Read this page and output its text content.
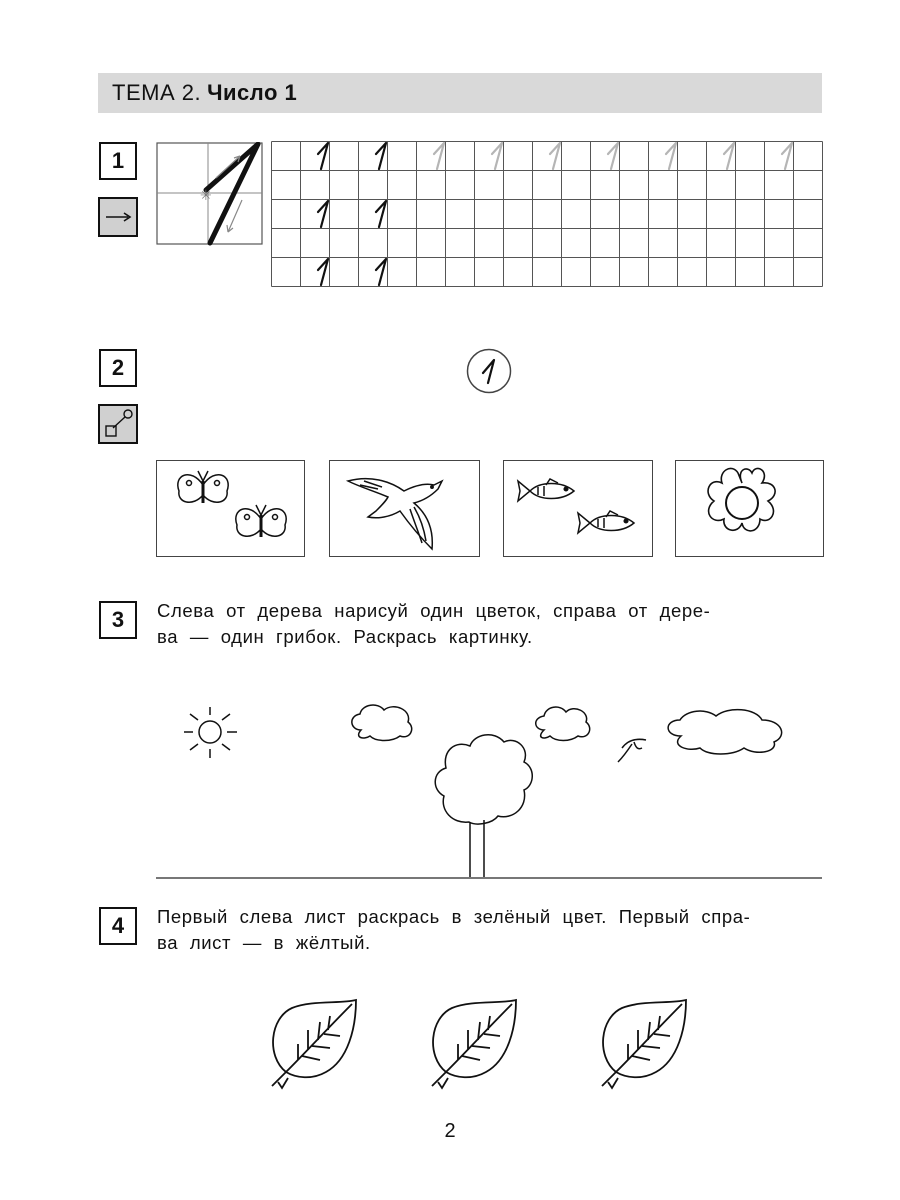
ТЕМА 2. Число 1
1
✳
2
3	Слева от дерева нарисуй один цветок, справа от дере-
ва — один грибок. Раскрась картинку.
4	Первый слева лист раскрась в зелёный цвет. Первый спра-
ва лист — в жёлтый.
2
